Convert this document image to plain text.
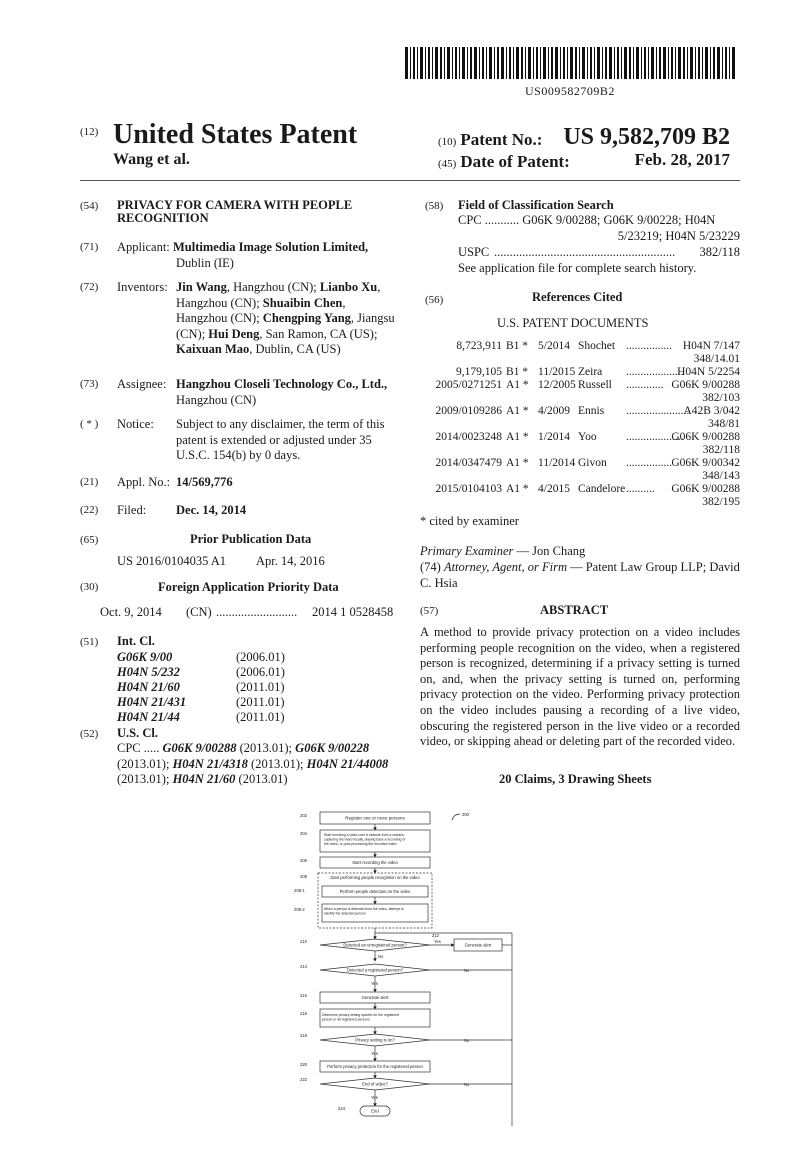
US009582709B2
(12) United States Patent
Wang et al.
(10) Patent No.: US 9,582,709 B2
(45) Date of Patent:	Feb. 28, 2017
(54) PRIVACY FOR CAMERA WITH PEOPLE
RECOGNITION
(71) Applicant: Multimedia Image Solution Limited,
Dublin (IE)
(72) Inventors: Jin Wang, Hangzhou (CN); Lianbo Xu, Hangzhou (CN); Shuaibin Chen, Hangzhou (CN); Chengping Yang, Jiangsu (CN); Hui Deng, San Ramon, CA (US); Kaixuan Mao, Dublin, CA (US)
(73) Assignee: Hangzhou Closeli Technology Co., Ltd., Hangzhou (CN)
( * ) Notice: Subject to any disclaimer, the term of this patent is extended or adjusted under 35 U.S.C. 154(b) by 0 days.
(21) Appl. No.: 14/569,776
(22) Filed: Dec. 14, 2014
(65)	Prior Publication Data
US 2016/0104035 A1 Apr. 14, 2016
(30)	Foreign Application Priority Data
Oct. 9, 2014 (CN) .......................... 2014 1 0528458
(51) Int. Cl.
G06K 9/00	(2006.01)
H04N 5/232	(2006.01)
H04N 21/60	(2011.01)
H04N 21/431	(2011.01)
H04N 21/44	(2011.01)
(52) U.S. Cl.
CPC ..... G06K 9/00288 (2013.01); G06K 9/00228 (2013.01); H04N 21/4318 (2013.01); H04N 21/44008 (2013.01); H04N 21/60 (2013.01)
(58) Field of Classification Search
CPC ........... G06K 9/00288; G06K 9/00228; H04N
5/23219; H04N 5/23229
USPC .......................................................... 382/118
See application file for complete search history.
(56)	References Cited
U.S. PATENT DOCUMENTS
8,723,911 B1 * 5/2014 Shochet ................ H04N 7/147
348/14.01
9,179,105 B1 * 11/2015 Zeira ....................
H04N 5/2254
2005/0271251 A1 * 12/2005 Russell ............. G06K 9/00288
382/103
2009/0109286 A1 * 4/2009 Ennis ......................
A42B 3/042
348/81
2014/0023248 A1 * 1/2014 Yoo	....................
G06K 9/00288
382/118
2014/0347479 A1 * 11/2014 Givon ................ G06K 9/00342
348/143
2015/0104103 A1 * 4/2015 Candelore .......... G06K 9/00288
382/195
* cited by examiner
Primary Examiner — Jon Chang
(74) Attorney, Agent, or Firm — Patent Law Group LLP; David C. Hsia
(57)	ABSTRACT
A method to provide privacy protection on a video includes performing people recognition on the video, when a registered person is recognized, determining if a privacy setting is turned on, and, when the privacy setting is turned on, performing privacy protection on the video. Performing privacy protection on the video includes pausing a recording of a live video, obscuring the registered person in the live video or a recorded video, or skipping ahead or deleting part of the recorded video.
20 Claims, 3 Drawing Sheets
Register one or more persons
202	200
Start receiving a video over a network from a camera, capturing the video locally, playing back a recording of the video, or post-processing the recorded video
204
Start recording the video
206
Start performing people recognition on the video
208
Perform people detection on the video
208-1
When a person is detected from the video, attempt to identify the detected person
208-2
Detected an unregistered person?
210	Yes
212
Generate alert
No
Detected a registered person?
214
No
Yes
Generate alert
215
Determine privacy setting specific for the registered person or all registered persons
216
Privacy setting is on?
218
No
Yes
Perform privacy protection for the registered person
220
End of video?
222
No
Yes
End
224
